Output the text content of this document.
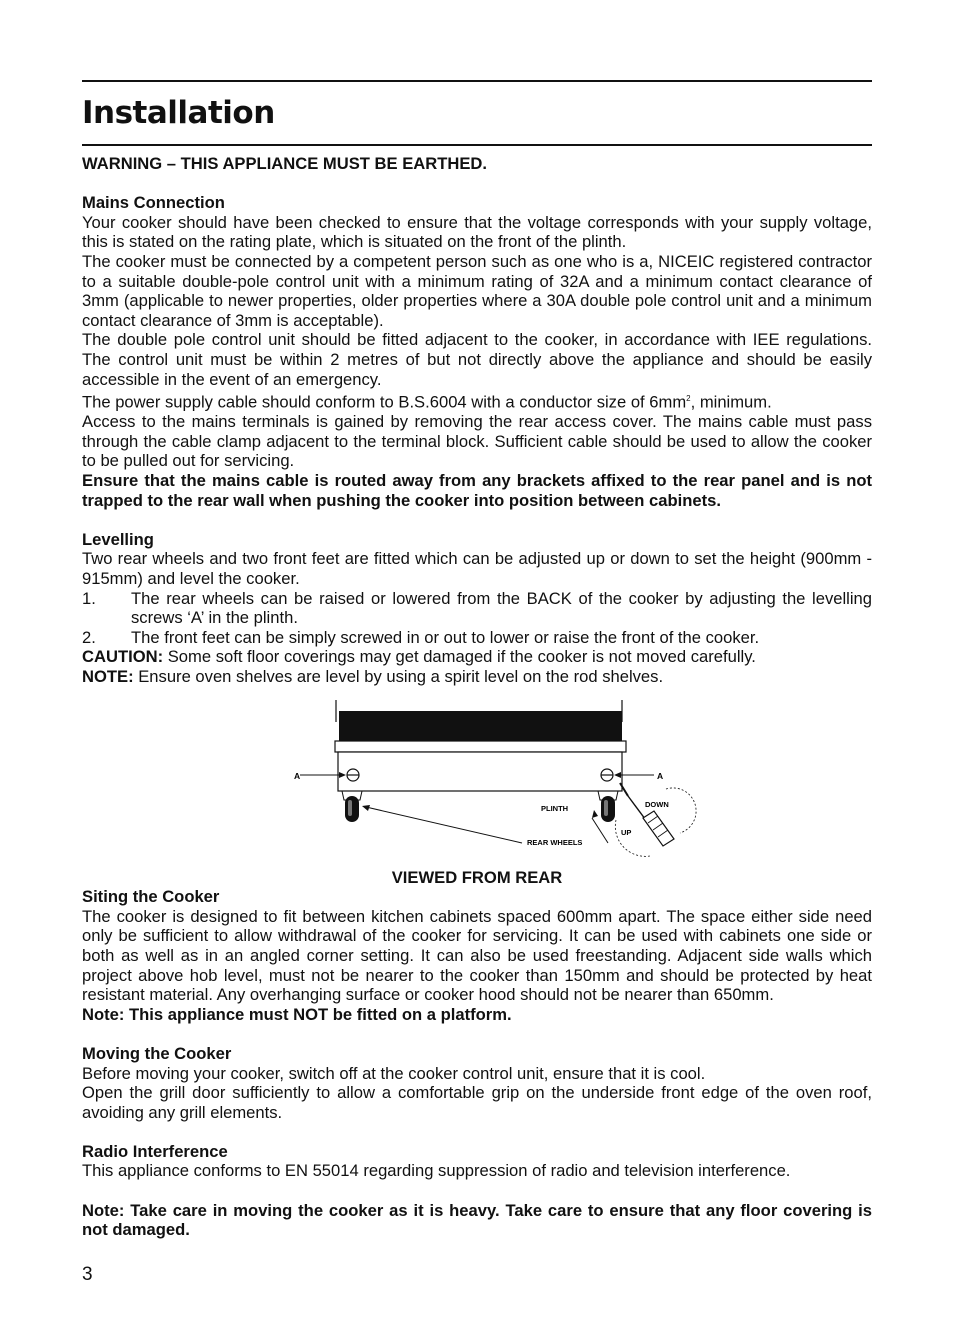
Installation

WARNING – THIS APPLIANCE MUST BE EARTHED.

Mains Connection

Your cooker should have been checked to ensure that the voltage corresponds with your supply voltage, this is stated on the rating plate, which is situated on the front of the plinth.

The cooker must be connected by a competent person such as one who is a, NICEIC registered contractor to a suitable double-pole control unit with a minimum rating of 32A and a minimum contact clearance of 3mm (applicable to newer properties, older properties where a 30A double pole control unit and a minimum contact clearance of 3mm is acceptable).

The double pole control unit should be fitted adjacent to the cooker, in accordance with IEE regulations. The control unit must be within 2 metres of but not directly above the appliance and should be easily accessible in the event of an emergency.

The power supply cable should conform to B.S.6004 with a conductor size of $6mm^2$, minimum.

Access to the mains terminals is gained by removing the rear access cover. The mains cable must pass through the cable clamp adjacent to the terminal block. Sufficient cable should be used to allow the cooker to be pulled out for servicing.

Ensure that the mains cable is routed away from any brackets affixed to the rear panel and is not trapped to the rear wall when pushing the cooker into position between cabinets.

Levelling

Two rear wheels and two front feet are fitted which can be adjusted up or down to set the height (900mm - 915mm) and level the cooker.

1.	The rear wheels can be raised or lowered from the BACK of the cooker by adjusting the levelling screws ‘A’ in the plinth.
2.	The front feet can be simply screwed in or out to lower or raise the front of the cooker.

CAUTION: Some soft floor coverings may get damaged if the cooker is not moved carefully.

NOTE: Ensure oven shelves are level by using a spirit level on the rod shelves.

A	A
PLINTH
REAR WHEELS
DOWN
UP

VIEWED FROM REAR

Siting the Cooker

The cooker is designed to fit between kitchen cabinets spaced 600mm apart. The space either side need only be sufficient to allow withdrawal of the cooker for servicing. It can be used with cabinets one side or both as well as in an angled corner setting. It can also be used freestanding. Adjacent side walls which project above hob level, must not be nearer to the cooker than 150mm and should be protected by heat resistant material. Any overhanging surface or cooker hood should not be nearer than 650mm.

Note: This appliance must NOT be fitted on a platform.

Moving the Cooker

Before moving your cooker, switch off at the cooker control unit, ensure that it is cool.

Open the grill door sufficiently to allow a comfortable grip on the underside front edge of the oven roof, avoiding any grill elements.

Radio Interference

This appliance conforms to EN 55014 regarding suppression of radio and television interference.

Note: Take care in moving the cooker as it is heavy. Take care to ensure that any floor covering is not damaged.

3
